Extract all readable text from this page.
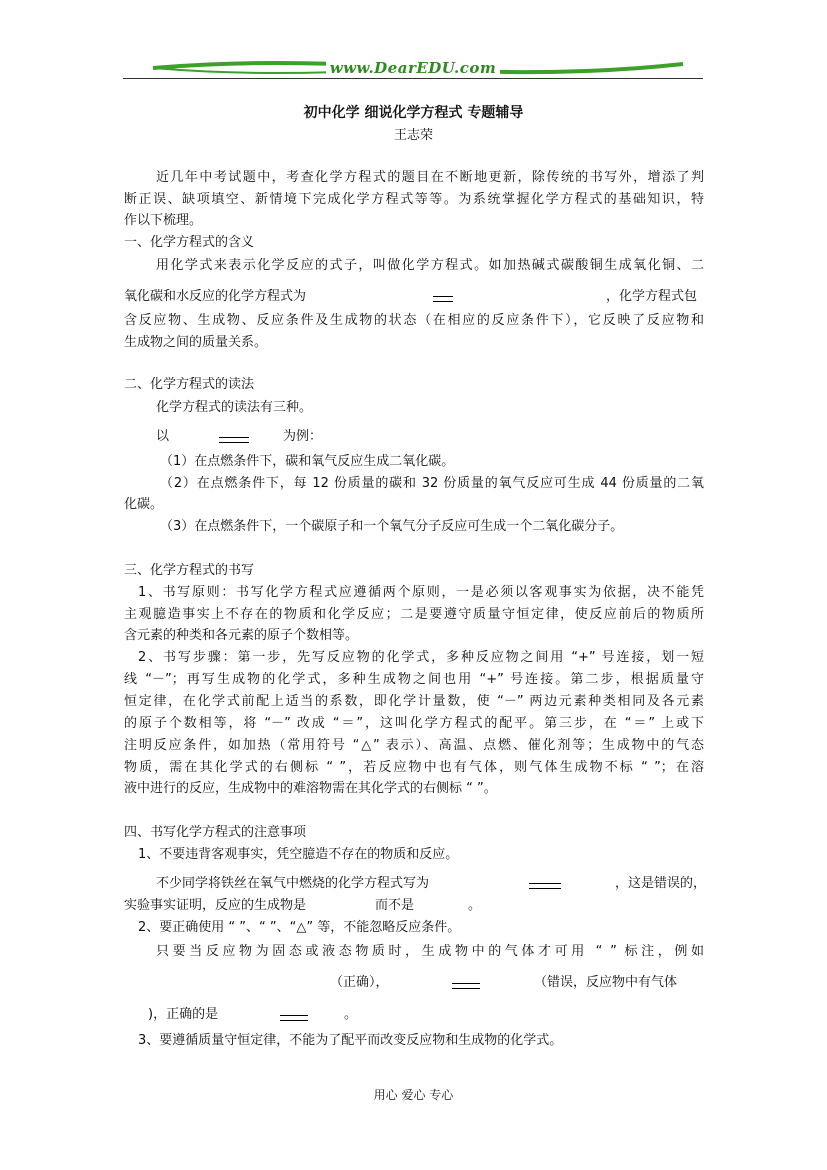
www.DearEDU.com
初中化学 细说化学方程式 专题辅导
王志荣
近几年中考试题中，考查化学方程式的题目在不断地更新，除传统的书写外，增添了判
断正误、缺项填空、新情境下完成化学方程式等等。为系统掌握化学方程式的基础知识，特
作以下梳理。
一、化学方程式的含义
用化学式来表示化学反应的式子，叫做化学方程式。如加热碱式碳酸铜生成氧化铜、二
氧化碳和水反应的化学方程式为	，化学方程式包
含反应物、生成物、反应条件及生成物的状态（在相应的反应条件下），它反映了反应物和
生成物之间的质量关系。
二、化学方程式的读法
化学方程式的读法有三种。
以	为例：
（1）在点燃条件下，碳和氧气反应生成二氧化碳。
（2）在点燃条件下，每 12 份质量的碳和 32 份质量的氧气反应可生成 44 份质量的二氧
化碳。
（3）在点燃条件下，一个碳原子和一个氧气分子反应可生成一个二氧化碳分子。
三、化学方程式的书写
1、书写原则：书写化学方程式应遵循两个原则，一是必须以客观事实为依据，决不能凭
主观臆造事实上不存在的物质和化学反应；二是要遵守质量守恒定律，使反应前后的物质所
含元素的种类和各元素的原子个数相等。
2、书写步骤：第一步，先写反应物的化学式，多种反应物之间用 “+” 号连接，划一短
线 “－”；再写生成物的化学式，多种生成物之间也用 “+” 号连接。第二步，根据质量守
恒定律，在化学式前配上适当的系数，即化学计量数，使 “－” 两边元素种类相同及各元素
的原子个数相等，将 “－” 改成 “＝”，这叫化学方程式的配平。第三步，在 “＝” 上或下
注明反应条件，如加热（常用符号 “△” 表示）、高温、点燃、催化剂等；生成物中的气态
物质，需在其化学式的右侧标 “ ”，若反应物中也有气体，则气体生成物不标 “ ”；在溶
液中进行的反应，生成物中的难溶物需在其化学式的右侧标 “ ”。
四、书写化学方程式的注意事项
1、不要违背客观事实，凭空臆造不存在的物质和反应。
不少同学将铁丝在氧气中燃烧的化学方程式写为	，这是错误的，
实验事实证明，反应的生成物是	而不是	。
2、要正确使用 “ ”、“ ”、“△” 等，不能忽略反应条件。
只要当反应物为固态或液态物质时，生成物中的气体才可用 “ ” 标注，例如
（正确），	（错误，反应物中有气体
)，正确的是	。
3、要遵循质量守恒定律，不能为了配平而改变反应物和生成物的化学式。
用心 爱心 专心
